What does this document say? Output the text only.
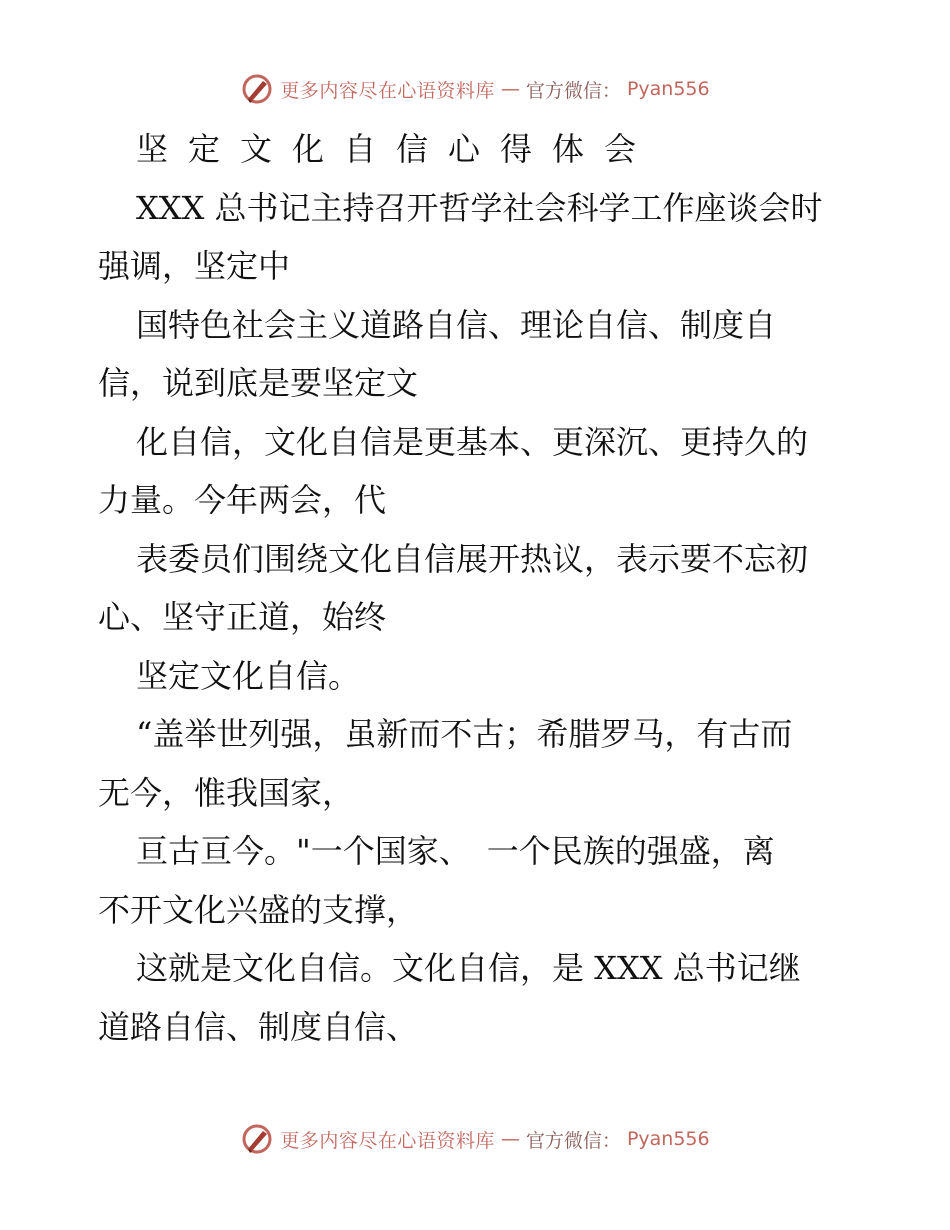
更多内容尽在心语资料库 — 官方微信： Pyan556
坚定文化自信心得体会
XXX 总书记主持召开哲学社会科学工作座谈会时
强调，坚定中
国特色社会主义道路自信、理论自信、制度自
信，说到底是要坚定文
化自信，文化自信是更基本、更深沉、更持久的
力量。今年两会，代
表委员们围绕文化自信展开热议，表示要不忘初
心、坚守正道，始终
坚定文化自信。
“盖举世列强，虽新而不古；希腊罗马，有古而
无今，惟我国家，
亘古亘今。"一个国家、　一个民族的强盛，离
不开文化兴盛的支撑，
这就是文化自信。文化自信，是 XXX 总书记继
道路自信、制度自信、
更多内容尽在心语资料库 — 官方微信： Pyan556
